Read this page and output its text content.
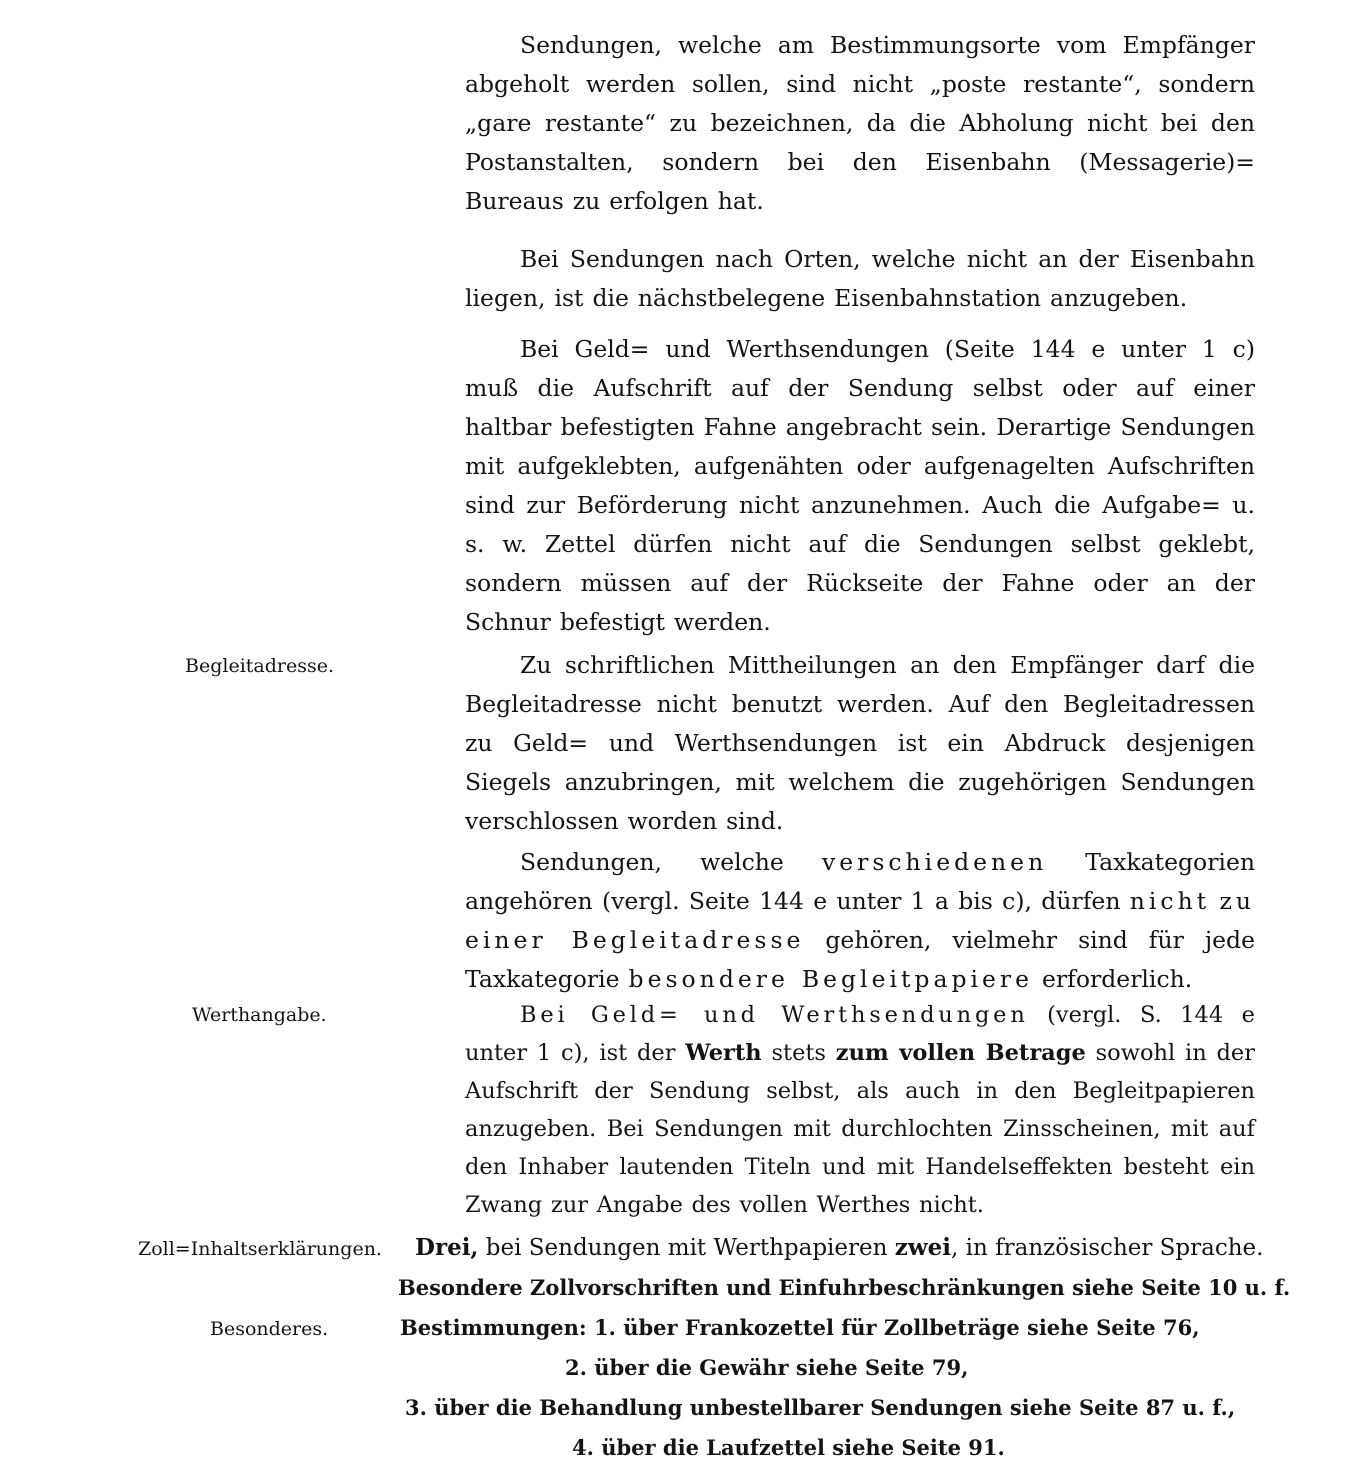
Sendungen, welche am Bestimmungsorte vom Empfänger abgeholt werden sollen, sind nicht „poste restante“, sondern „gare restante“ zu bezeichnen, da die Abholung nicht bei den Postanstalten, sondern bei den Eisenbahn (Messagerie)= Bureaus zu erfolgen hat.

Bei Sendungen nach Orten, welche nicht an der Eisenbahn liegen, ist die nächstbelegene Eisenbahnstation anzugeben.

Bei Geld= und Werthsendungen (Seite 144 e unter 1 c) muß die Aufschrift auf der Sendung selbst oder auf einer haltbar befestigten Fahne angebracht sein. Derartige Sendungen mit aufgeklebten, aufgenähten oder aufgenagelten Aufschriften sind zur Beförderung nicht anzunehmen. Auch die Aufgabe= u. s. w. Zettel dürfen nicht auf die Sendungen selbst geklebt, sondern müssen auf der Rückseite der Fahne oder an der Schnur befestigt werden.

Begleitadresse.	Zu schriftlichen Mittheilungen an den Empfänger darf die Begleitadresse nicht benutzt werden. Auf den Begleitadressen zu Geld= und Werthsendungen ist ein Abdruck desjenigen Siegels anzubringen, mit welchem die zugehörigen Sendungen verschlossen worden sind.

Sendungen, welche verschiedenen Taxkategorien angehören (vergl. Seite 144 e unter 1 a bis c), dürfen nicht zu einer Begleitadresse gehören, vielmehr sind für jede Taxkategorie besondere Begleitpapiere erforderlich.

Werthangabe.	Bei Geld= und Werthsendungen (vergl. S. 144 e unter 1 c), ist der Werth stets zum vollen Betrage sowohl in der Aufschrift der Sendung selbst, als auch in den Begleitpapieren anzugeben. Bei Sendungen mit durchlochten Zinsscheinen, mit auf den Inhaber lautenden Titeln und mit Handelseffekten besteht ein Zwang zur Angabe des vollen Werthes nicht.

Zoll=Inhaltserklärungen. Drei, bei Sendungen mit Werthpapieren zwei, in französischer Sprache.

Besondere Zollvorschriften und Einfuhrbeschränkungen siehe Seite 10 u. f.

Besonderes.	Bestimmungen: 1. über Frankozettel für Zollbeträge siehe Seite 76,

2. über die Gewähr siehe Seite 79,

3. über die Behandlung unbestellbarer Sendungen siehe Seite 87 u. f.,

4. über die Laufzettel siehe Seite 91.
